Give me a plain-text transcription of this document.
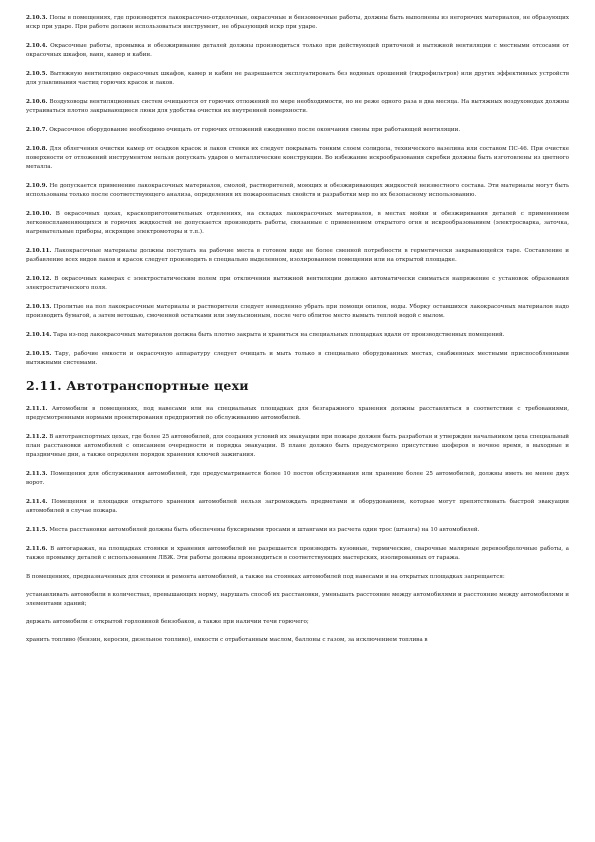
2.10.3. Полы в помещениях, где производятся лакокрасочно-отделочные, окрасочные и бензомоечные работы, должны быть выполнены из негорючих материалов, не образующих искр при ударе. При работе должен использоваться инструмент, не образующий искр при ударе.

2.10.4. Окрасочные работы, промывка и обезжиривание деталей должны производиться только при действующей приточной и вытяжной вентиляции с местными отсосами от окрасочных шкафов, ванн, камер и кабин.

2.10.5. Вытяжную вентиляцию окрасочных шкафов, камер и кабин не разрешается эксплуатировать без водяных орошений (гидрофильтров) или других эффективных устройств для улавливания частиц горючих красок и лаков.

2.10.6. Воздуховоды вентиляционных систем очищаются от горючих отложений по мере необходимости, но не реже одного раза в два месяца. На вытяжных воздуховодах должны устраиваться плотно закрывающиеся люки для удобства очистки их внутренней поверхности.

2.10.7. Окрасочное оборудование необходимо очищать от горючих отложений ежедневно после окончания смены при работающей вентиляции.

2.10.8. Для облегчения очистки камер от осадков красок и лаков стенки их следует покрывать тонким слоем солидола, технического вазелина или составом ПС-46. При очистке поверхности от отложений инструментом нельзя допускать ударов о металлические конструкции. Во избежание искрообразования скребки должны быть изготовлены из цветного металла.

2.10.9. Не допускается применение лакокрасочных материалов, смолой, растворителей, моющих и обезжиривающих жидкостей неизвестного состава. Эти материалы могут быть использованы только после соответствующего анализа, определения их пожароопасных свойств и разработки мер по их безопасному использованию.

2.10.10. В окрасочных цехах, краскоприготовительных отделениях, на складах лакокрасочных материалов, в местах мойки и обезжиривания деталей с применением легковоспламеняющихся и горючих жидкостей не допускается производить работы, связанные с применением открытого огня и искрообразованием (электросварка, заточка, нагревательные приборы, искрящие электромоторы и т.п.).

2.10.11. Лакокрасочные материалы должны поступать на рабочие места в готовом виде не более сменной потребности в герметически закрывающейся таре. Составление и разбавление всех видов лаков и красок следует производить в специально выделенном, изолированном помещении или на открытой площадке.

2.10.12. В окрасочных камерах с электростатическим полем при отключении вытяжной вентиляции должно автоматически сниматься напряжение с установок образования электростатического поля.

2.10.13. Пролитые на пол лакокрасочные материалы и растворители следует немедленно убрать при помощи опилок, воды. Уборку оставшихся лакокрасочных материалов надо производить бумагой, а затем ветошью, смоченной остатками или эмульсионным, после чего облитое место вымыть теплой водой с мылом.

2.10.14. Тара из-под лакокрасочных материалов должна быть плотно закрыта и храниться на специальных площадках вдали от производственных помещений.

2.10.15. Тару, рабочие емкости и окрасочную аппаратуру следует очищать и мыть только в специально оборудованных местах, снабженных местными приспособленными вытяжными системами.

2.11. Автотранспортные цехи

2.11.1. Автомобили в помещениях, под навесами или на специальных площадках для безгаражного хранения должны расставляться в соответствии с требованиями, предусмотренными нормами проектирования предприятий по обслуживанию автомобилей.

2.11.2. В автотранспортных цехах, где более 25 автомобилей, для создания условий их эвакуации при пожаре должен быть разработан и утвержден начальником цеха специальный план расстановки автомобилей с описанием очередности и порядка эвакуации. В плане должно быть предусмотрено присутствие шоферов в ночное время, в выходные и праздничные дни, а также определен порядок хранения ключей зажигания.

2.11.3. Помещения для обслуживания автомобилей, где предусматривается более 10 постов обслуживания или хранение более 25 автомобилей, должны иметь не менее двух ворот.

2.11.4. Помещения и площадки открытого хранения автомобилей нельзя загромождать предметами и оборудованием, которые могут препятствовать быстрой эвакуации автомобилей в случае пожара.

2.11.5. Места расстановки автомобилей должны быть обеспечены буксирными тросами и штангами из расчета один трос (штанга) на 10 автомобилей.

2.11.6. В автогаражах, на площадках стоянки и хранения автомобилей не разрешается производить кузовные, термические, сварочные малярные деревообделочные работы, а также промывку деталей с использованием ЛВЖ. Эти работы должны производиться в соответствующих мастерских, изолированных от гаража.

В помещениях, предназначенных для стоянки и ремонта автомобилей, а также на стоянках автомобилей под навесами и на открытых площадках запрещается:

устанавливать автомобили в количествах, превышающих норму, нарушать способ их расстановки, уменьшать расстояние между автомобилями и расстояние между автомобилями и элементами зданий;

держать автомобили с открытой горловиной бензобаков, а также при наличии течи горючего;

хранить топливо (бензин, керосин, дизельное топливо), емкости с отработанным маслом, баллоны с газом, за исключением топлива в
